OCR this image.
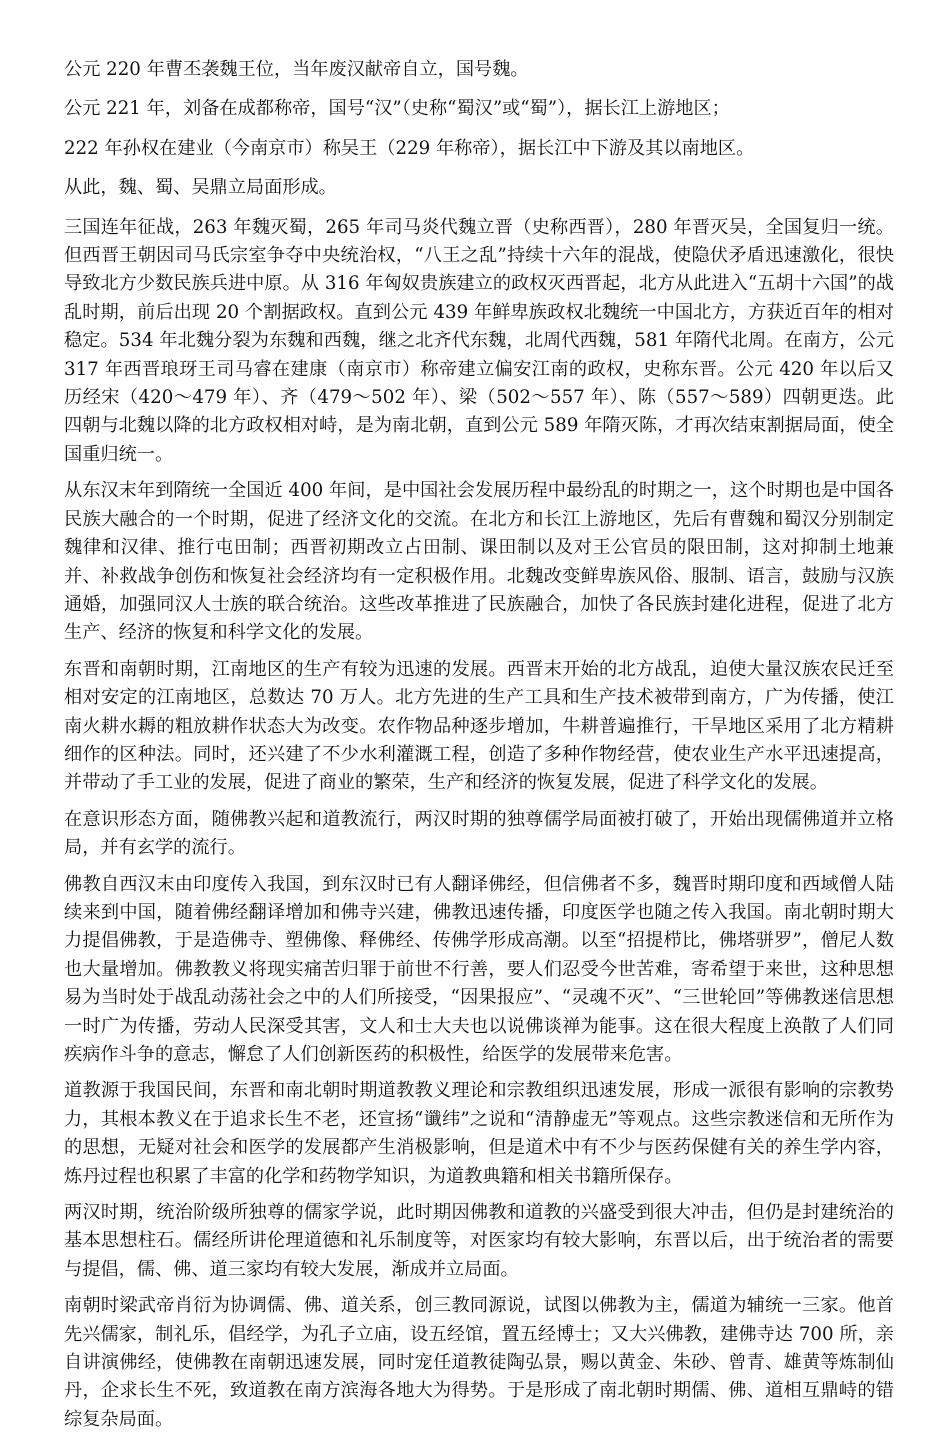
公元 220 年曹丕袭魏王位，当年废汉献帝自立，国号魏。

公元 221 年，刘备在成都称帝，国号“汉”（史称“蜀汉”或“蜀”），据长江上游地区；

222 年孙权在建业（今南京市）称吴王（229 年称帝），据长江中下游及其以南地区。

从此，魏、蜀、吴鼎立局面形成。

三国连年征战，263 年魏灭蜀，265 年司马炎代魏立晋（史称西晋），280 年晋灭吴，全国复归一统。但西晋王朝因司马氏宗室争夺中央统治权，“八王之乱”持续十六年的混战，使隐伏矛盾迅速激化，很快导致北方少数民族兵进中原。从 316 年匈奴贵族建立的政权灭西晋起，北方从此进入“五胡十六国”的战乱时期，前后出现 20 个割据政权。直到公元 439 年鲜卑族政权北魏统一中国北方，方获近百年的相对稳定。534 年北魏分裂为东魏和西魏，继之北齐代东魏，北周代西魏，581 年隋代北周。在南方，公元 317 年西晋琅玡王司马睿在建康（南京市）称帝建立偏安江南的政权，史称东晋。公元 420 年以后又历经宋（420～479 年）、齐（479～502 年）、梁（502～557 年）、陈（557～589）四朝更迭。此四朝与北魏以降的北方政权相对峙，是为南北朝，直到公元 589 年隋灭陈，才再次结束割据局面，使全国重归统一。

从东汉末年到隋统一全国近 400 年间，是中国社会发展历程中最纷乱的时期之一，这个时期也是中国各民族大融合的一个时期，促进了经济文化的交流。在北方和长江上游地区，先后有曹魏和蜀汉分别制定魏律和汉律、推行屯田制；西晋初期改立占田制、课田制以及对王公官员的限田制，这对抑制土地兼并、补救战争创伤和恢复社会经济均有一定积极作用。北魏改变鲜卑族风俗、服制、语言，鼓励与汉族通婚，加强同汉人士族的联合统治。这些改革推进了民族融合，加快了各民族封建化进程，促进了北方生产、经济的恢复和科学文化的发展。

东晋和南朝时期，江南地区的生产有较为迅速的发展。西晋末开始的北方战乱，迫使大量汉族农民迁至相对安定的江南地区，总数达 70 万人。北方先进的生产工具和生产技术被带到南方，广为传播，使江南火耕水耨的粗放耕作状态大为改变。农作物品种逐步增加，牛耕普遍推行，干旱地区采用了北方精耕细作的区种法。同时，还兴建了不少水利灌溉工程，创造了多种作物经营，使农业生产水平迅速提高，并带动了手工业的发展，促进了商业的繁荣，生产和经济的恢复发展，促进了科学文化的发展。

在意识形态方面，随佛教兴起和道教流行，两汉时期的独尊儒学局面被打破了，开始出现儒佛道并立格局，并有玄学的流行。

佛教自西汉末由印度传入我国，到东汉时已有人翻译佛经，但信佛者不多，魏晋时期印度和西域僧人陆续来到中国，随着佛经翻译增加和佛寺兴建，佛教迅速传播，印度医学也随之传入我国。南北朝时期大力提倡佛教，于是造佛寺、塑佛像、释佛经、传佛学形成高潮。以至“招提栉比，佛塔骈罗”，僧尼人数也大量增加。佛教教义将现实痛苦归罪于前世不行善，要人们忍受今世苦难，寄希望于来世，这种思想易为当时处于战乱动荡社会之中的人们所接受，“因果报应”、“灵魂不灭”、“三世轮回”等佛教迷信思想一时广为传播，劳动人民深受其害，文人和士大夫也以说佛谈禅为能事。这在很大程度上涣散了人们同疾病作斗争的意志，懈怠了人们创新医药的积极性，给医学的发展带来危害。

道教源于我国民间，东晋和南北朝时期道教教义理论和宗教组织迅速发展，形成一派很有影响的宗教势力，其根本教义在于追求长生不老，还宣扬“谶纬”之说和“清静虚无”等观点。这些宗教迷信和无所作为的思想，无疑对社会和医学的发展都产生消极影响，但是道术中有不少与医药保健有关的养生学内容，炼丹过程也积累了丰富的化学和药物学知识，为道教典籍和相关书籍所保存。

两汉时期，统治阶级所独尊的儒家学说，此时期因佛教和道教的兴盛受到很大冲击，但仍是封建统治的基本思想柱石。儒经所讲伦理道德和礼乐制度等，对医家均有较大影响，东晋以后，出于统治者的需要与提倡，儒、佛、道三家均有较大发展，渐成并立局面。

南朝时梁武帝肖衍为协调儒、佛、道关系，创三教同源说，试图以佛教为主，儒道为辅统一三家。他首先兴儒家，制礼乐，倡经学，为孔子立庙，设五经馆，置五经博士；又大兴佛教，建佛寺达 700 所，亲自讲演佛经，使佛教在南朝迅速发展，同时宠任道教徒陶弘景，赐以黄金、朱砂、曾青、雄黄等炼制仙丹，企求长生不死，致道教在南方滨海各地大为得势。于是形成了南北朝时期儒、佛、道相互鼎峙的错综复杂局面。
